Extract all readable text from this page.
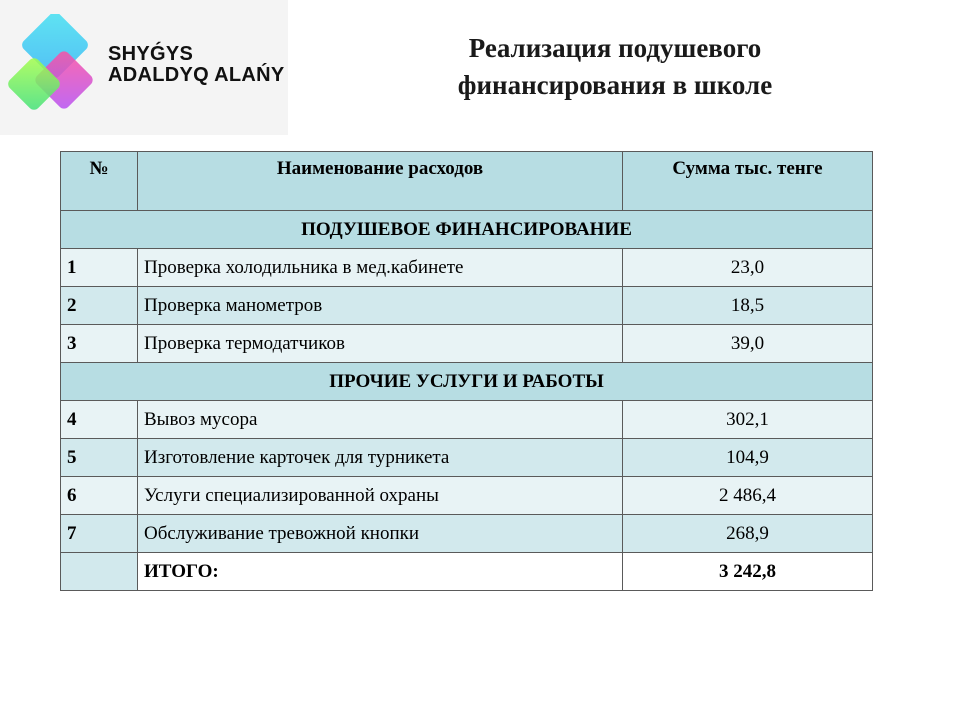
SHYǴYS
ADALDYQ ALAŃY
Реализация подушевого
финансирования в школе
№	Наименование расходов	Сумма тыс. тенге
ПОДУШЕВОЕ ФИНАНСИРОВАНИЕ		
1	Проверка холодильника в мед.кабинете	23,0
2	Проверка манометров	18,5
3	Проверка термодатчиков	39,0
ПРОЧИЕ УСЛУГИ И РАБОТЫ		
4	Вывоз мусора	302,1
5	Изготовление карточек для турникета	104,9
6	Услуги специализированной охраны	2 486,4
7	Обслуживание тревожной кнопки	268,9
	ИТОГО:	3 242,8
